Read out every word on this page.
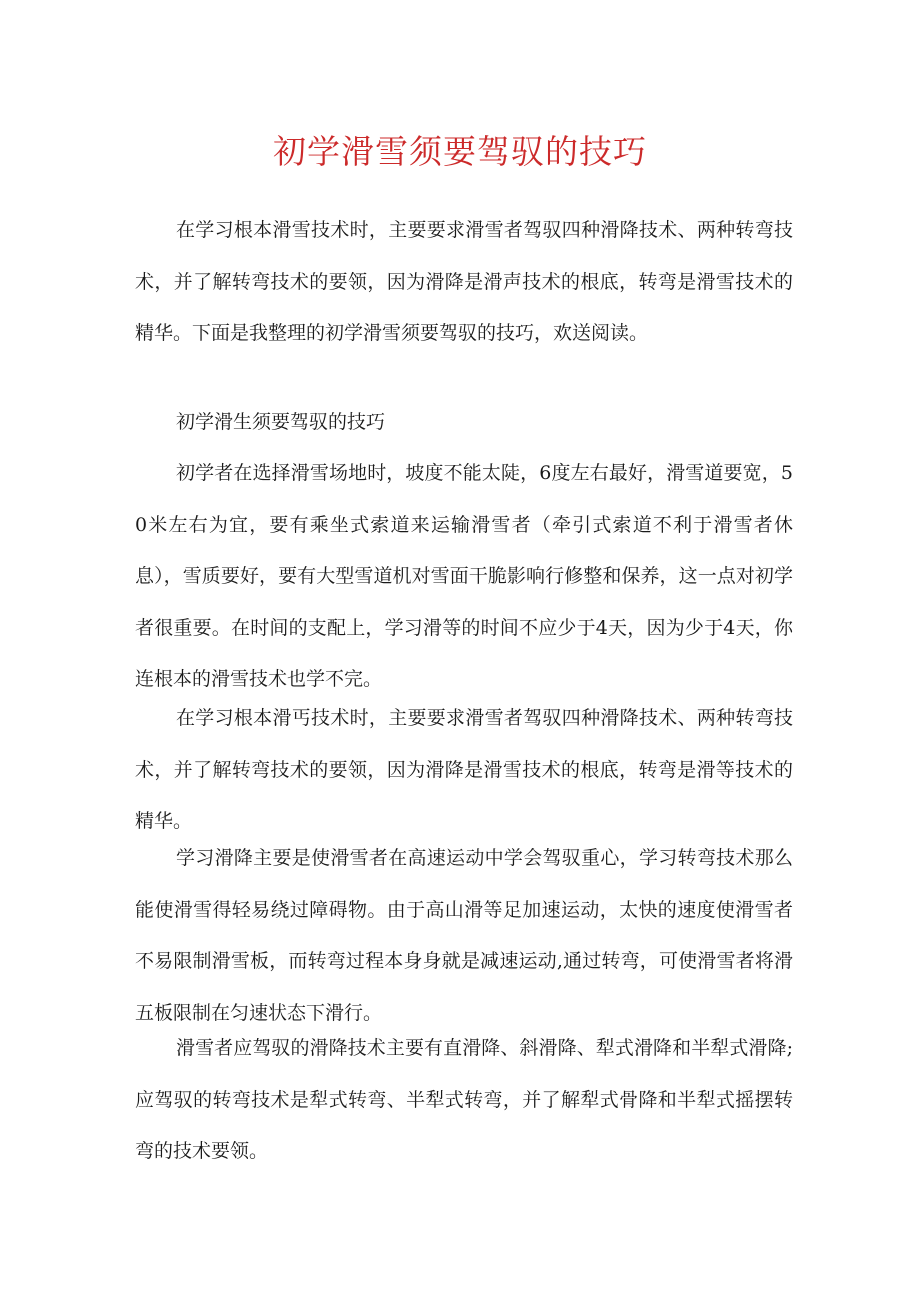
初学滑雪须要驾驭的技巧

在学习根本滑雪技术时，主要要求滑雪者驾驭四种滑降技术、两种转弯技术，并了解转弯技术的要领，因为滑降是滑声技术的根底，转弯是滑雪技术的精华。下面是我整理的初学滑雪须要驾驭的技巧，欢送阅读。

初学滑生须要驾驭的技巧

初学者在选择滑雪场地时，坡度不能太陡，6度左右最好，滑雪道要宽，50米左右为宜，要有乘坐式索道来运输滑雪者（牵引式索道不利于滑雪者休息），雪质要好，要有大型雪道机对雪面干脆影响行修整和保养，这一点对初学者很重要。在时间的支配上，学习滑等的时间不应少于4天，因为少于4天，你连根本的滑雪技术也学不完。

在学习根本滑丐技术时，主要要求滑雪者驾驭四种滑降技术、两种转弯技术，并了解转弯技术的要领，因为滑降是滑雪技术的根底，转弯是滑等技术的精华。

学习滑降主要是使滑雪者在高速运动中学会驾驭重心，学习转弯技术那么能使滑雪得轻易绕过障碍物。由于高山滑等足加速运动，太快的速度使滑雪者不易限制滑雪板，而转弯过程本身身就是减速运动,通过转弯，可使滑雪者将滑五板限制在匀速状态下滑行。

滑雪者应驾驭的滑降技术主要有直滑降、斜滑降、犁式滑降和半犁式滑降;应驾驭的转弯技术是犁式转弯、半犁式转弯，并了解犁式骨降和半犁式摇摆转弯的技术要领。
